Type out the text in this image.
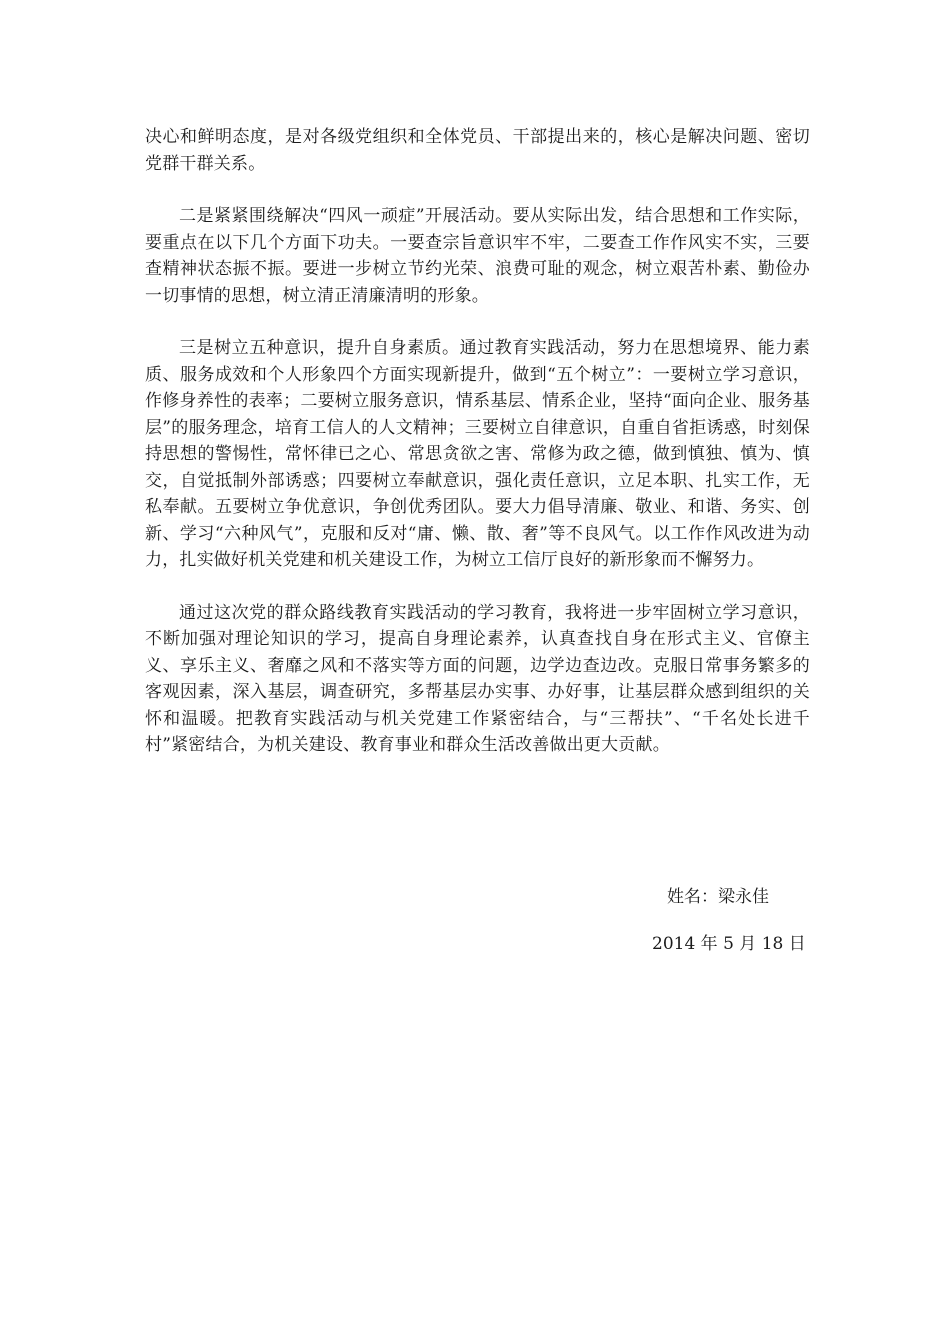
决心和鲜明态度，是对各级党组织和全体党员、干部提出来的，核心是解决问题、密切党群干群关系。

二是紧紧围绕解决“四风一顽症”开展活动。要从实际出发，结合思想和工作实际，要重点在以下几个方面下功夫。一要查宗旨意识牢不牢，二要查工作作风实不实，三要查精神状态振不振。要进一步树立节约光荣、浪费可耻的观念，树立艰苦朴素、勤俭办一切事情的思想，树立清正清廉清明的形象。

三是树立五种意识，提升自身素质。通过教育实践活动，努力在思想境界、能力素质、服务成效和个人形象四个方面实现新提升，做到“五个树立”：一要树立学习意识，作修身养性的表率；二要树立服务意识，情系基层、情系企业，坚持“面向企业、服务基层”的服务理念，培育工信人的人文精神；三要树立自律意识，自重自省拒诱惑，时刻保持思想的警惕性，常怀律已之心、常思贪欲之害、常修为政之德，做到慎独、慎为、慎交，自觉抵制外部诱惑；四要树立奉献意识，强化责任意识，立足本职、扎实工作，无私奉献。五要树立争优意识，争创优秀团队。要大力倡导清廉、敬业、和谐、务实、创新、学习“六种风气”，克服和反对“庸、懒、散、奢”等不良风气。以工作作风改进为动力，扎实做好机关党建和机关建设工作，为树立工信厅良好的新形象而不懈努力。

通过这次党的群众路线教育实践活动的学习教育，我将进一步牢固树立学习意识，不断加强对理论知识的学习，提高自身理论素养，认真查找自身在形式主义、官僚主义、享乐主义、奢靡之风和不落实等方面的问题，边学边查边改。克服日常事务繁多的客观因素，深入基层，调查研究，多帮基层办实事、办好事，让基层群众感到组织的关怀和温暖。把教育实践活动与机关党建工作紧密结合，与“三帮扶”、“千名处长进千村”紧密结合，为机关建设、教育事业和群众生活改善做出更大贡献。

姓名：梁永佳
2014 年 5 月 18 日
